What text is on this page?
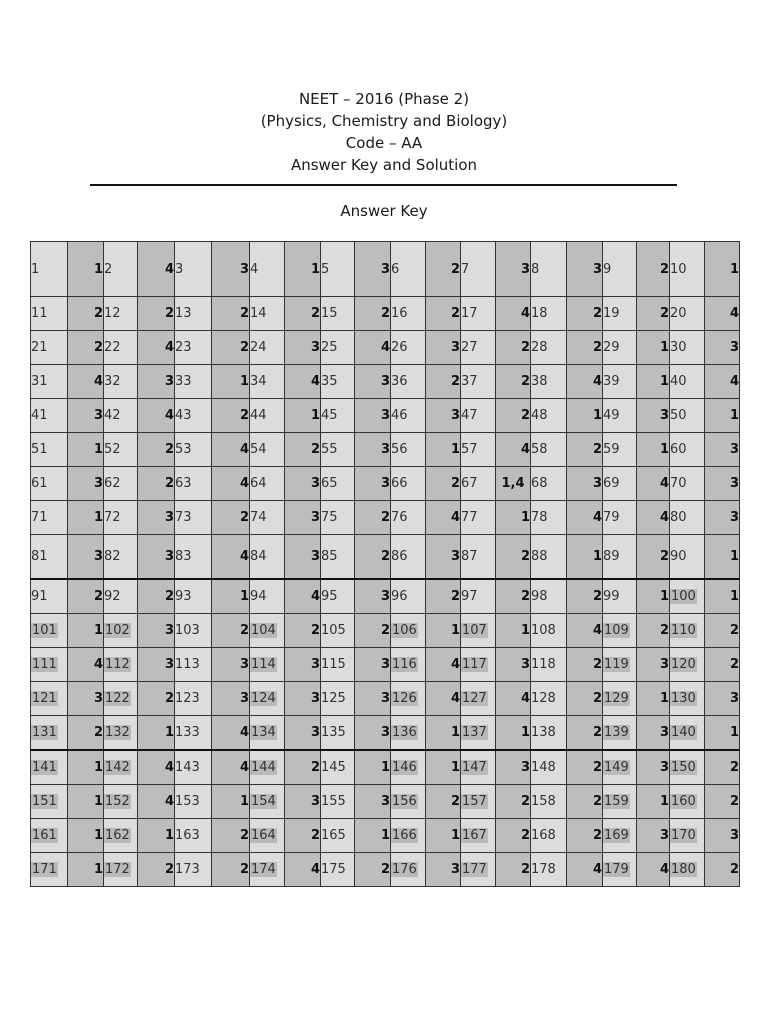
NEET – 2016 (Phase 2)
(Physics, Chemistry and Biology)
Code – AA
Answer Key and Solution
Answer Key
1	1	2	4	3	3	4	1	5	3	6	2	7	3	8	3	9	2	10	1
11	2	12	2	13	2	14	2	15	2	16	2	17	4	18	2	19	2	20	4
21	2	22	4	23	2	24	3	25	4	26	3	27	2	28	2	29	1	30	3
31	4	32	3	33	1	34	4	35	3	36	2	37	2	38	4	39	1	40	4
41	3	42	4	43	2	44	1	45	3	46	3	47	2	48	1	49	3	50	1
51	1	52	2	53	4	54	2	55	3	56	1	57	4	58	2	59	1	60	3
61	3	62	2	63	4	64	3	65	3	66	2	67	1,4	68	3	69	4	70	3
71	1	72	3	73	2	74	3	75	2	76	4	77	1	78	4	79	4	80	3
81	3	82	3	83	4	84	3	85	2	86	3	87	2	88	1	89	2	90	1
91	2	92	2	93	1	94	4	95	3	96	2	97	2	98	2	99	1	100	1
101	1	102	3	103	2	104	2	105	2	106	1	107	1	108	4	109	2	110	2
111	4	112	3	113	3	114	3	115	3	116	4	117	3	118	2	119	3	120	2
121	3	122	2	123	3	124	3	125	3	126	4	127	4	128	2	129	1	130	3
131	2	132	1	133	4	134	3	135	3	136	1	137	1	138	2	139	3	140	1
141	1	142	4	143	4	144	2	145	1	146	1	147	3	148	2	149	3	150	2
151	1	152	4	153	1	154	3	155	3	156	2	157	2	158	2	159	1	160	2
161	1	162	1	163	2	164	2	165	1	166	1	167	2	168	2	169	3	170	3
171	1	172	2	173	2	174	4	175	2	176	3	177	2	178	4	179	4	180	2
